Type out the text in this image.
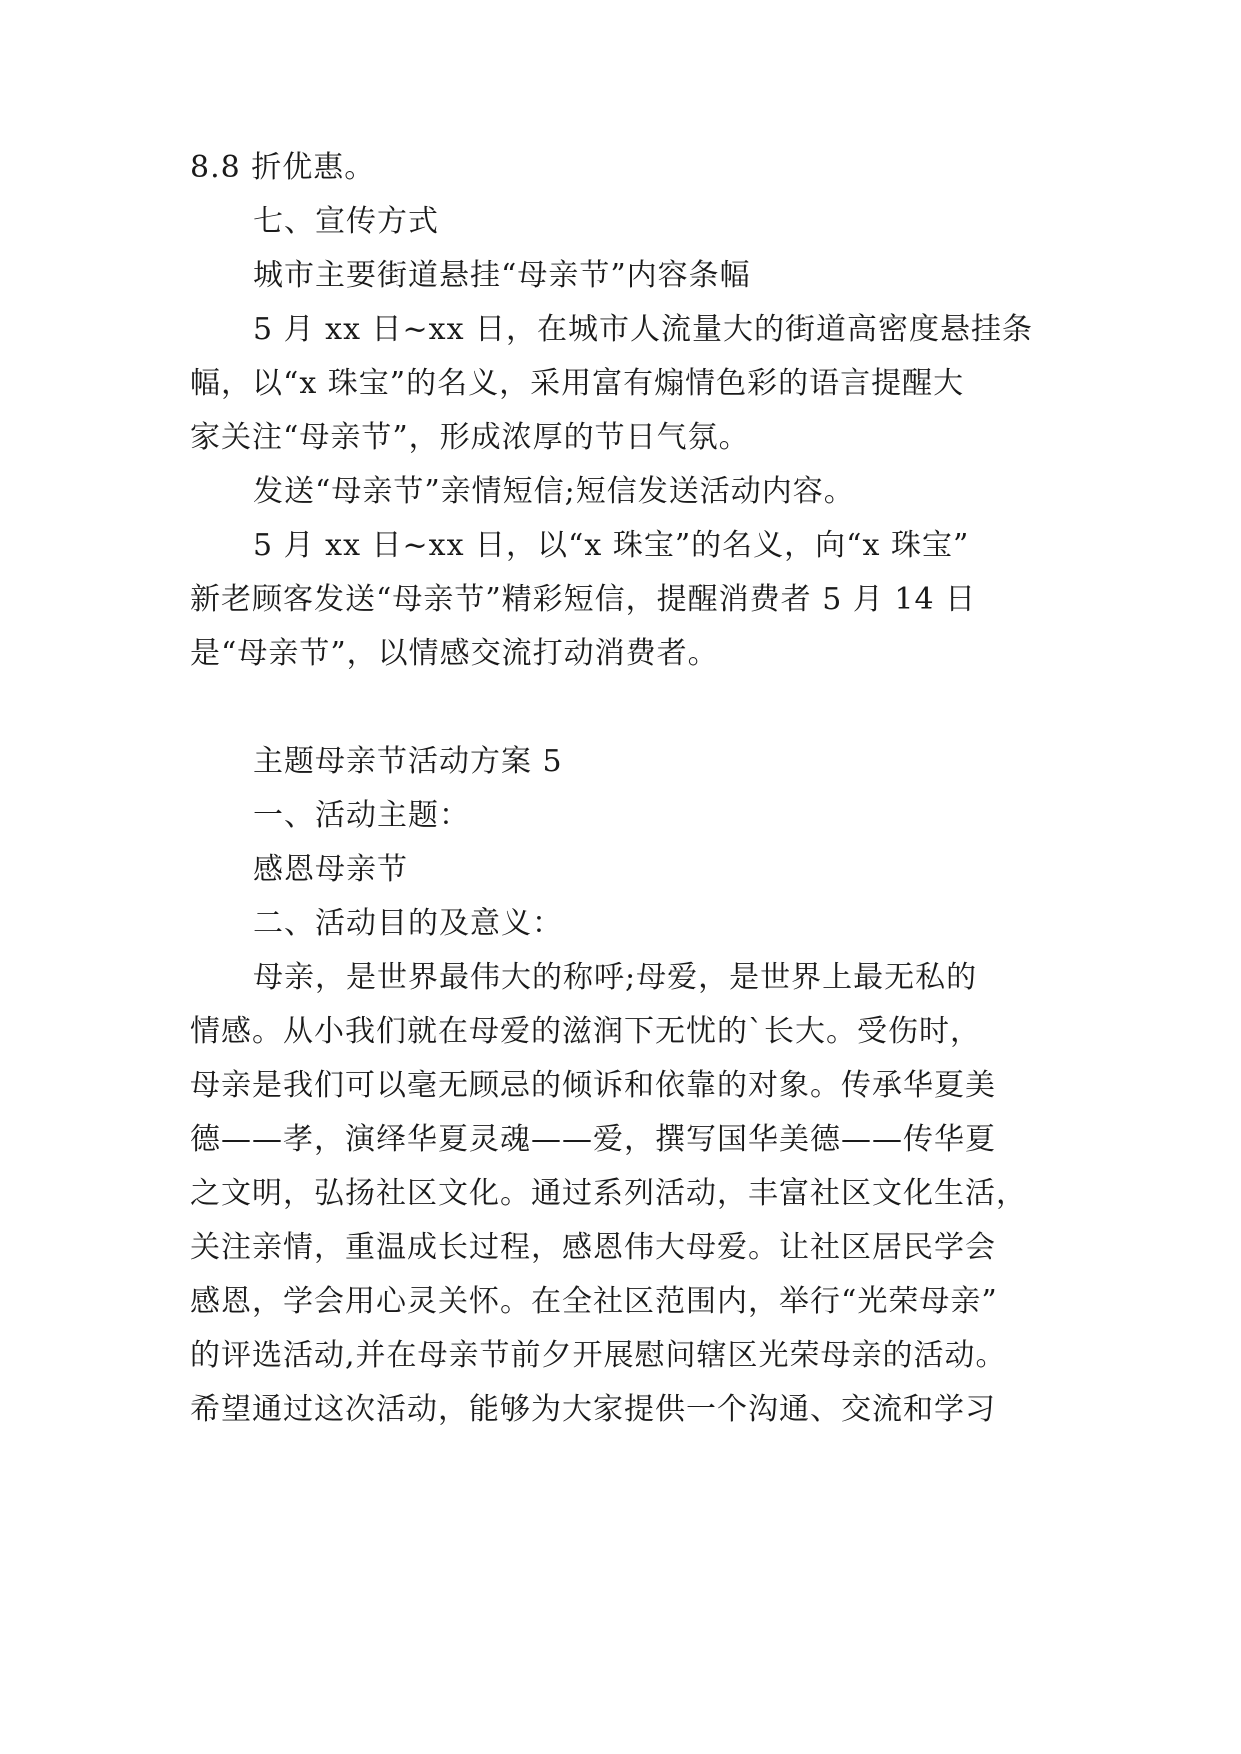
8.8 折优惠。
七、宣传方式
城市主要街道悬挂“母亲节”内容条幅
5 月 xx 日~xx 日，在城市人流量大的街道高密度悬挂条
幅，以“x 珠宝”的名义，采用富有煽情色彩的语言提醒大
家关注“母亲节”，形成浓厚的节日气氛。
发送“母亲节”亲情短信;短信发送活动内容。
5 月 xx 日~xx 日，以“x 珠宝”的名义，向“x 珠宝”
新老顾客发送“母亲节”精彩短信，提醒消费者 5 月 14 日
是“母亲节”，以情感交流打动消费者。
主题母亲节活动方案 5
一、活动主题：
感恩母亲节
二、活动目的及意义：
母亲，是世界最伟大的称呼;母爱，是世界上最无私的
情感。从小我们就在母爱的滋润下无忧的`长大。受伤时，
母亲是我们可以毫无顾忌的倾诉和依靠的对象。传承华夏美
德——孝，演绎华夏灵魂——爱，撰写国华美德——传华夏
之文明，弘扬社区文化。通过系列活动，丰富社区文化生活，
关注亲情，重温成长过程，感恩伟大母爱。让社区居民学会
感恩，学会用心灵关怀。在全社区范围内，举行“光荣母亲”
的评选活动,并在母亲节前夕开展慰问辖区光荣母亲的活动。
希望通过这次活动，能够为大家提供一个沟通、交流和学习
